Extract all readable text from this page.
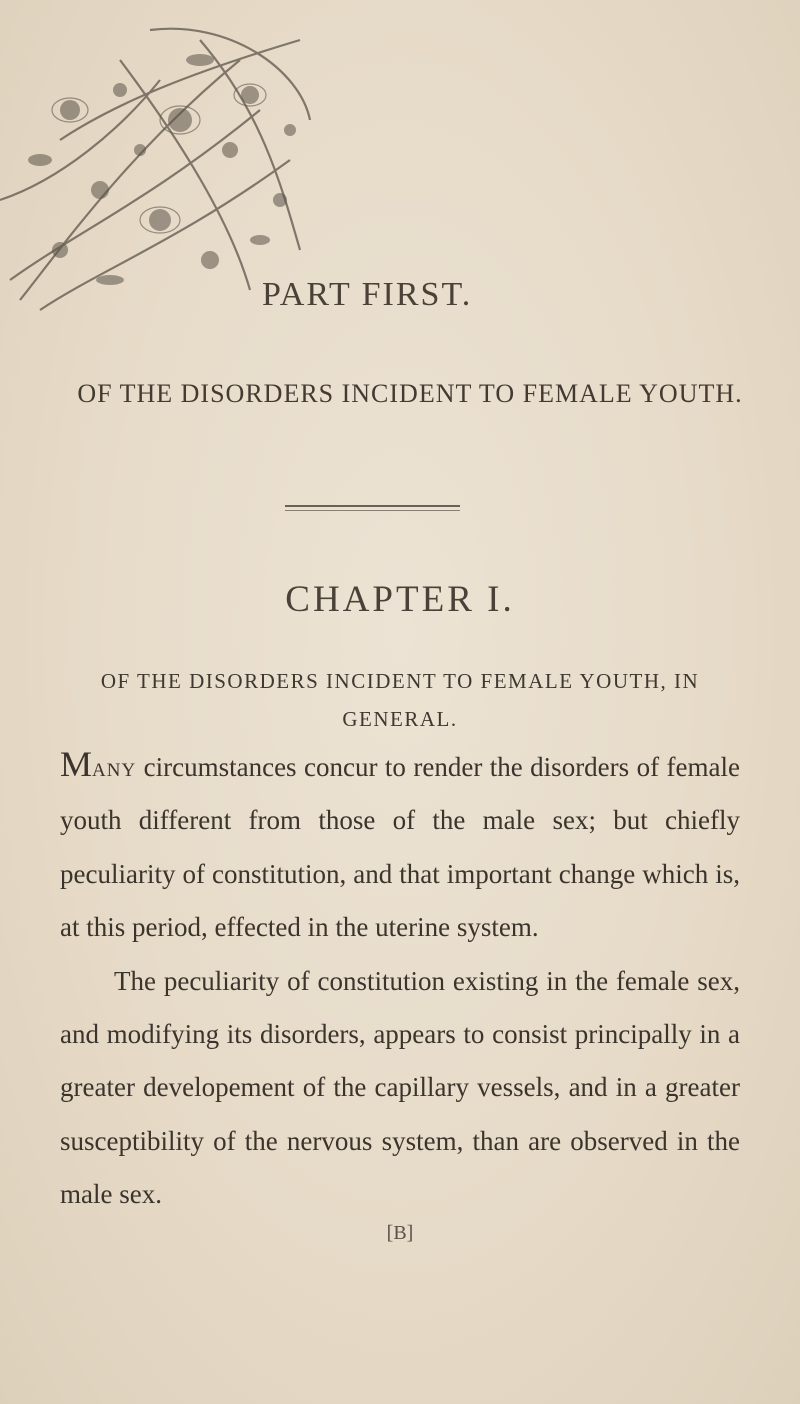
PART FIRST.
OF THE DISORDERS INCIDENT TO FEMALE YOUTH.
CHAPTER I.
OF THE DISORDERS INCIDENT TO FEMALE YOUTH, IN GENERAL.

Many circumstances concur to render the disorders of female youth different from those of the male sex; but chiefly peculiarity of constitution, and that important change which is, at this period, effected in the uterine system.

The peculiarity of constitution existing in the female sex, and modifying its disorders, appears to consist principally in a greater developement of the capillary vessels, and in a greater susceptibility of the nervous system, than are observed in the male sex.

[B]
